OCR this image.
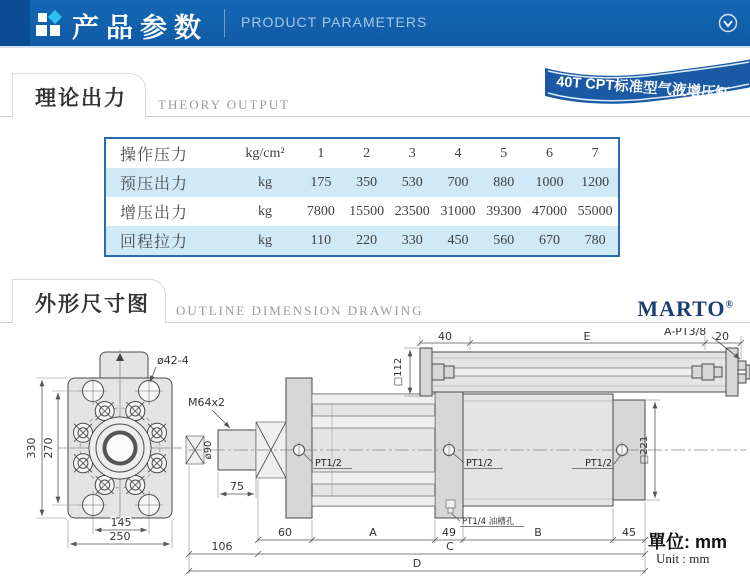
产品参数 PRODUCT PARAMETERS
40T CPT标准型气液增压缸
理论出力 THEORY OUTPUT
操作压力	kg/cm²	1	2	3	4	5	6	7
预压出力	kg	175	350	530	700	880	1000	1200
增压出力	kg	7800	15500 23500 31000 39300 47000 55000
回程拉力	kg	110	220	330	450	560	670	780
外形尺寸图 OUTLINE DIMENSION DRAWING	MARTO®
330 270
145
250
ø42-4
PT1/2	PT1/2	PT1/2
PT1/4 油槽孔
M64x2
ø90
75
□112
□221
40	E	20
A-PT3/8
60	A	49	B	45
106	C
D
單位: mm
Unit : mm
